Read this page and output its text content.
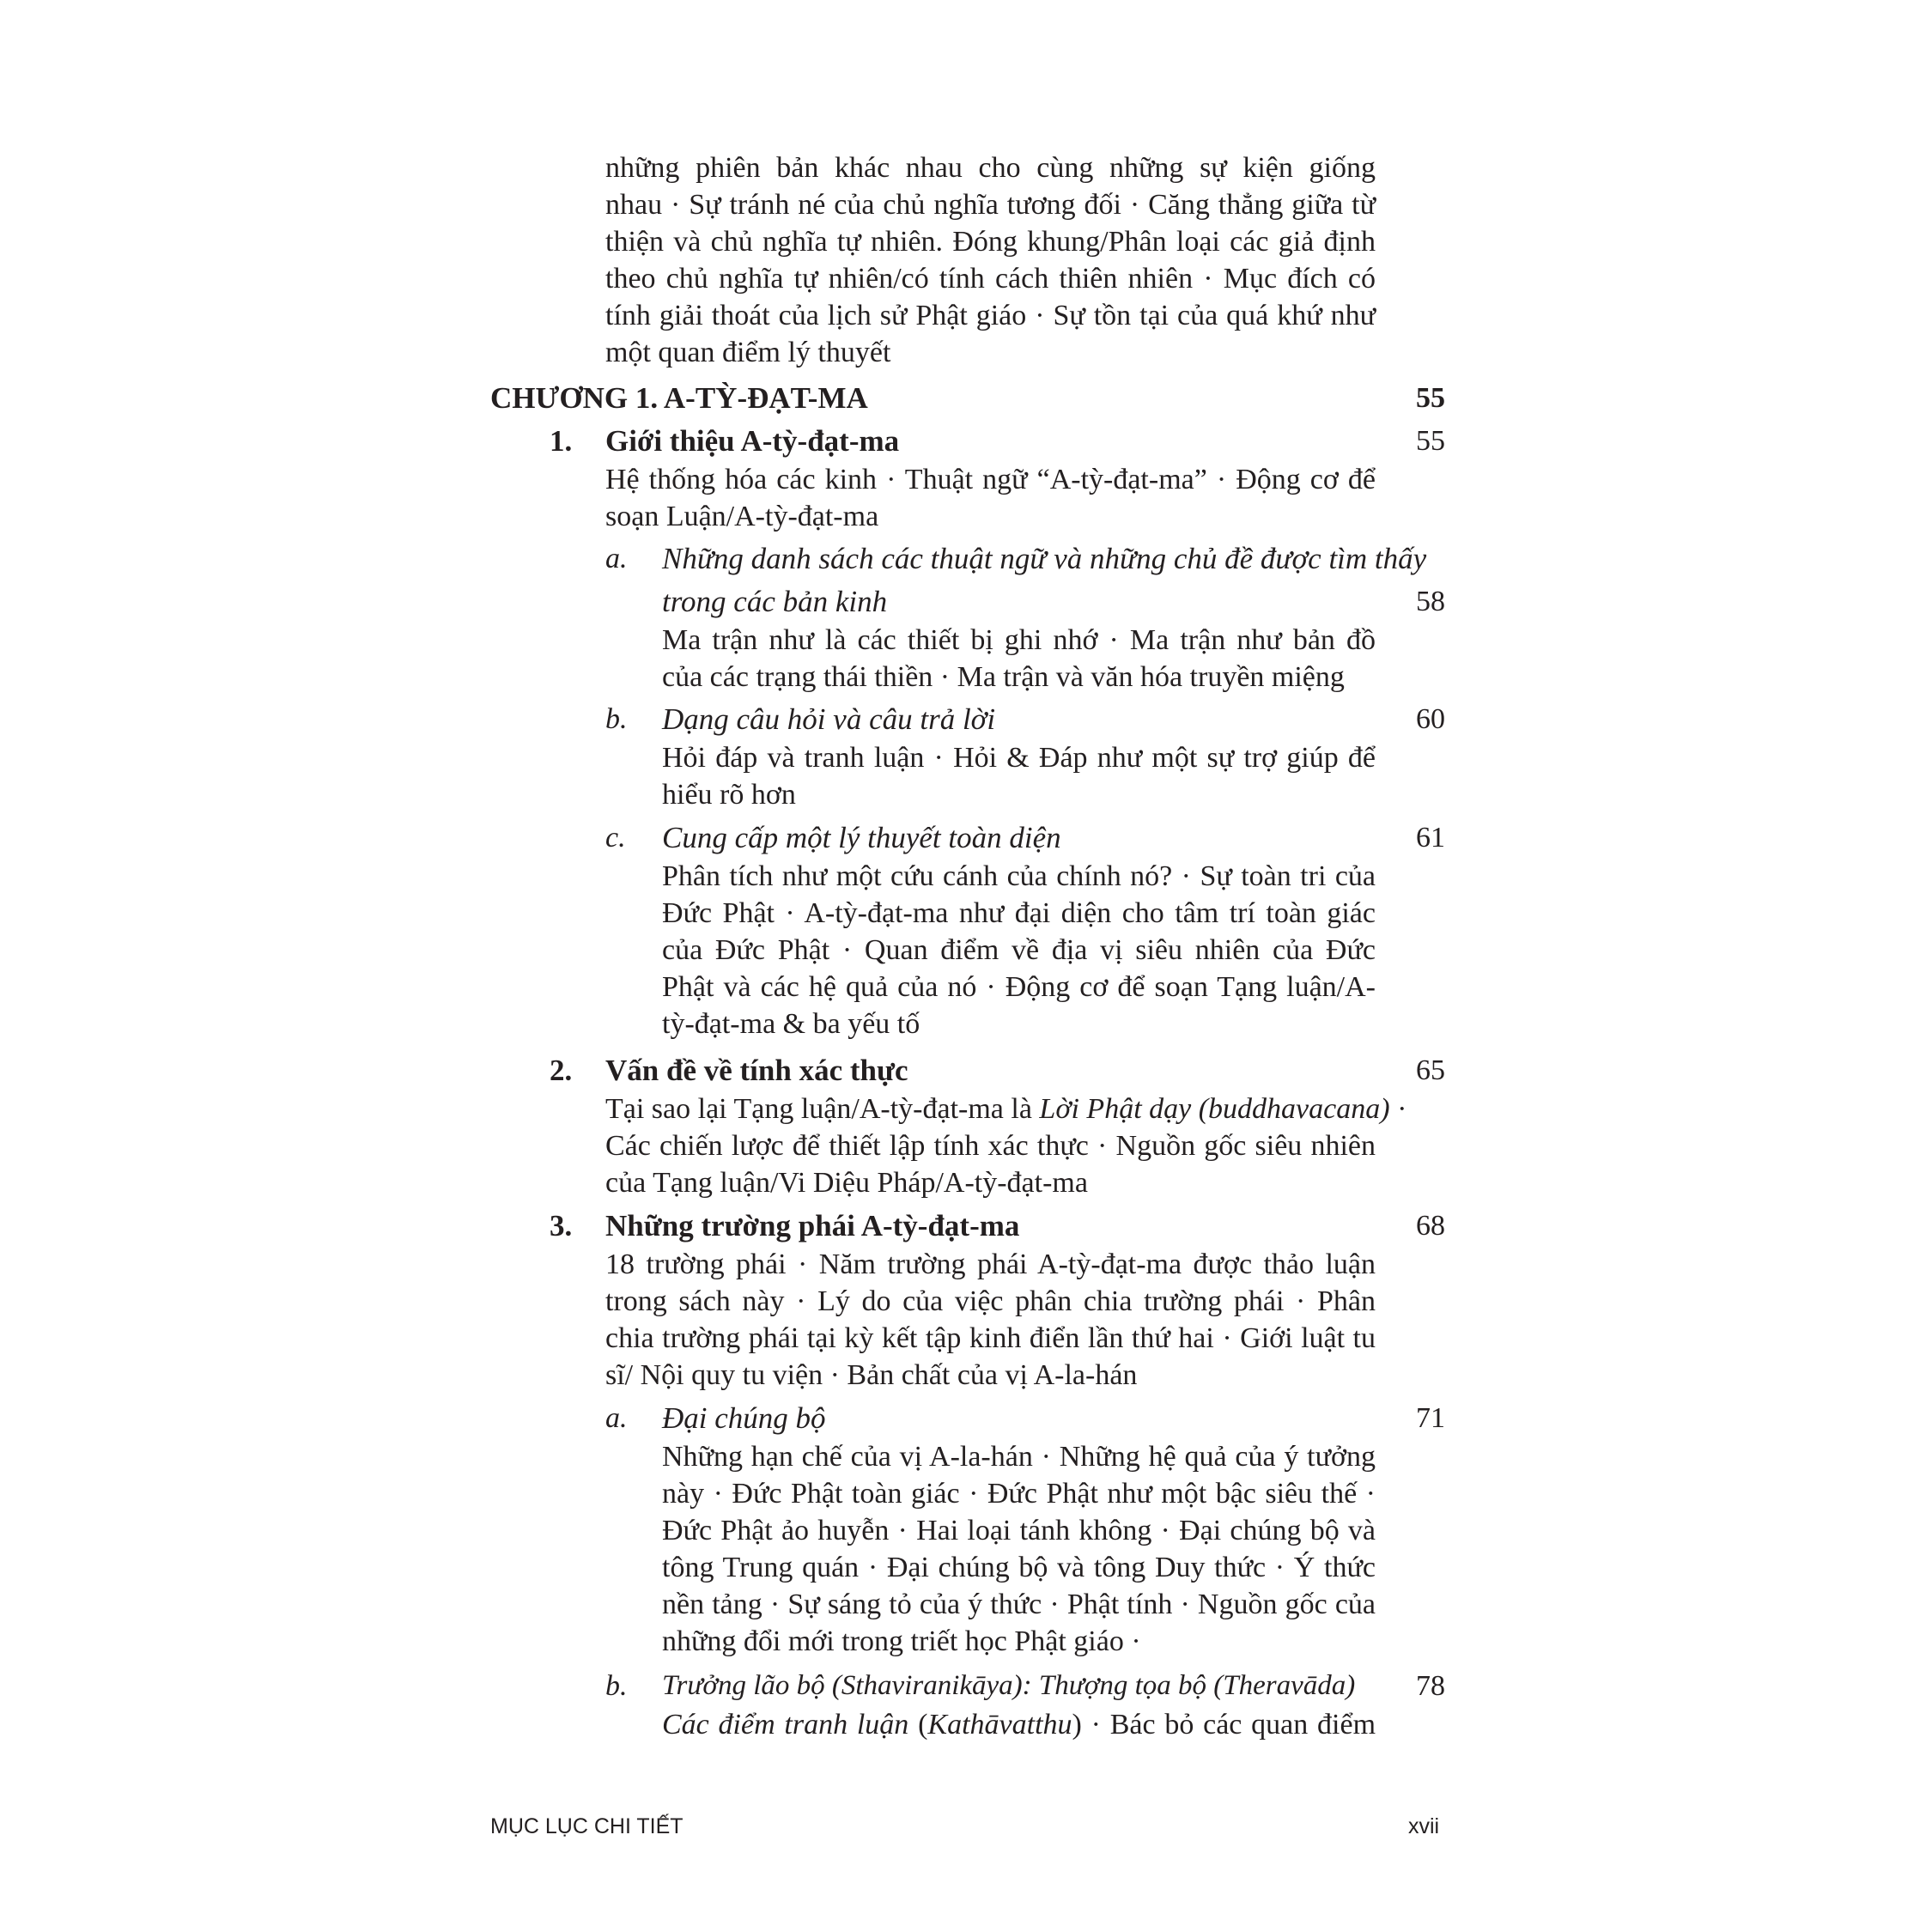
những phiên bản khác nhau cho cùng những sự kiện giống
nhau · Sự tránh né của chủ nghĩa tương đối · Căng thẳng giữa từ
thiện và chủ nghĩa tự nhiên. Đóng khung/Phân loại các giả định
theo chủ nghĩa tự nhiên/có tính cách thiên nhiên · Mục đích có
tính giải thoát của lịch sử Phật giáo · Sự tồn tại của quá khứ như
một quan điểm lý thuyết
CHƯƠNG 1. A-TỲ-ĐẠT-MA	55
1. Giới thiệu A-tỳ-đạt-ma	55
Hệ thống hóa các kinh · Thuật ngữ “A-tỳ-đạt-ma” · Động cơ để
soạn Luận/A-tỳ-đạt-ma
a. Những danh sách các thuật ngữ và những chủ đề được tìm thấy
trong các bản kinh	58
Ma trận như là các thiết bị ghi nhớ · Ma trận như bản đồ
của các trạng thái thiền · Ma trận và văn hóa truyền miệng
b. Dạng câu hỏi và câu trả lời	60
Hỏi đáp và tranh luận · Hỏi & Đáp như một sự trợ giúp để
hiểu rõ hơn
c. Cung cấp một lý thuyết toàn diện	61
Phân tích như một cứu cánh của chính nó? · Sự toàn tri của
Đức Phật · A-tỳ-đạt-ma như đại diện cho tâm trí toàn giác
của Đức Phật · Quan điểm về địa vị siêu nhiên của Đức
Phật và các hệ quả của nó · Động cơ để soạn Tạng luận/A-
tỳ-đạt-ma & ba yếu tố
2. Vấn đề về tính xác thực	65
Tại sao lại Tạng luận/A-tỳ-đạt-ma là Lời Phật dạy (buddhavacana) ·
Các chiến lược để thiết lập tính xác thực · Nguồn gốc siêu nhiên
của Tạng luận/Vi Diệu Pháp/A-tỳ-đạt-ma
3. Những trường phái A-tỳ-đạt-ma	68
18 trường phái · Năm trường phái A-tỳ-đạt-ma được thảo luận
trong sách này · Lý do của việc phân chia trường phái · Phân
chia trường phái tại kỳ kết tập kinh điển lần thứ hai · Giới luật tu
sĩ/ Nội quy tu viện · Bản chất của vị A-la-hán
a. Đại chúng bộ	71
Những hạn chế của vị A-la-hán · Những hệ quả của ý tưởng
này · Đức Phật toàn giác · Đức Phật như một bậc siêu thế ·
Đức Phật ảo huyễn · Hai loại tánh không · Đại chúng bộ và
tông Trung quán · Đại chúng bộ và tông Duy thức · Ý thức
nền tảng · Sự sáng tỏ của ý thức · Phật tính · Nguồn gốc của
những đổi mới trong triết học Phật giáo ·
b. Trưởng lão bộ (Sthaviranikāya): Thượng tọa bộ (Theravāda)	78
Các điểm tranh luận (Kathāvatthu) · Bác bỏ các quan điểm
MỤC LỤC CHI TIẾT	xvii
